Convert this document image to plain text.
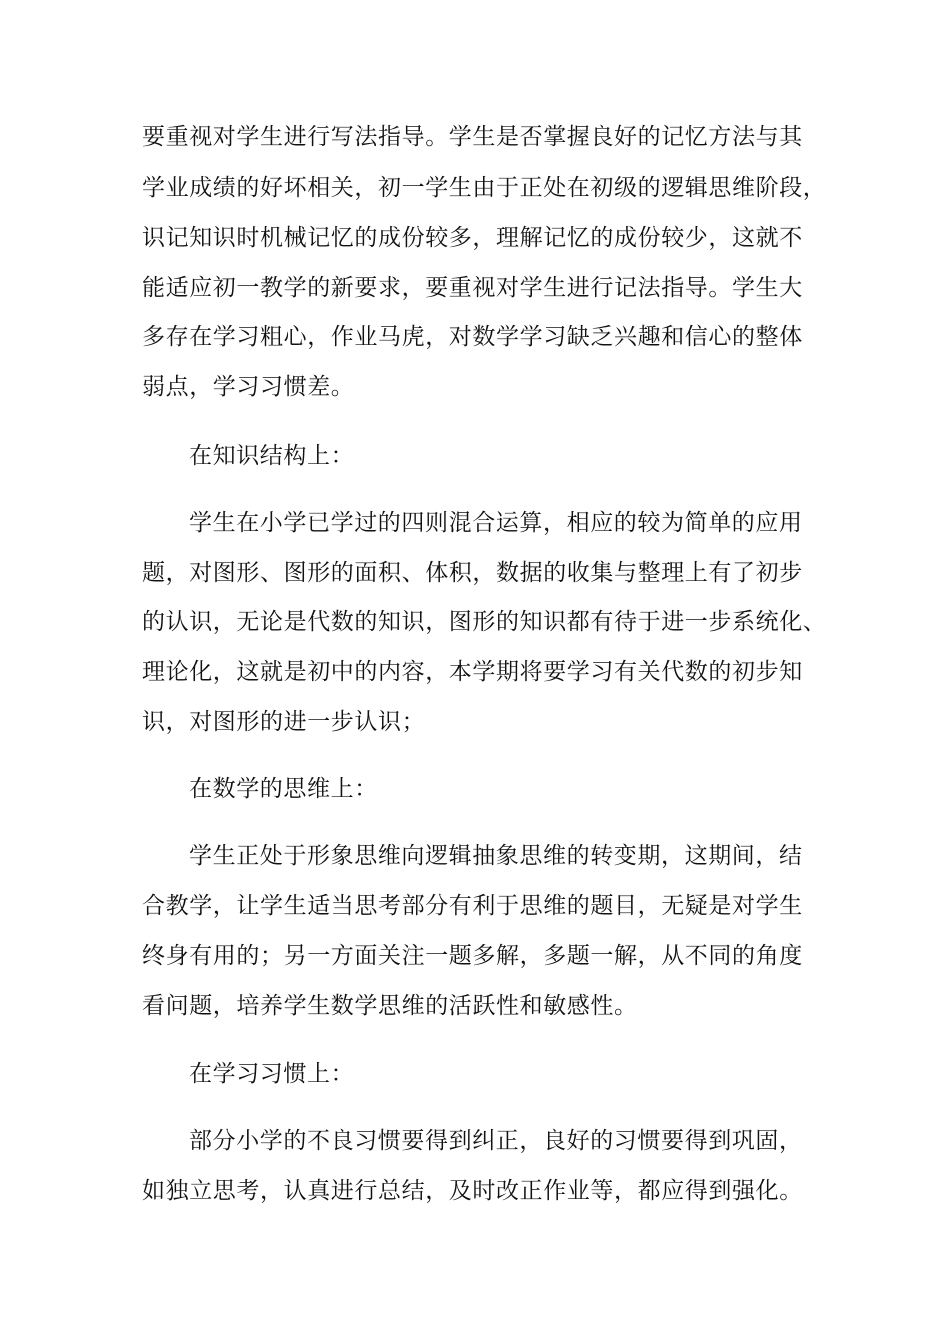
要重视对学生进行写法指导。学生是否掌握良好的记忆方法与其
学业成绩的好坏相关，初一学生由于正处在初级的逻辑思维阶段，
识记知识时机械记忆的成份较多，理解记忆的成份较少，这就不
能适应初一教学的新要求，要重视对学生进行记法指导。学生大
多存在学习粗心，作业马虎，对数学学习缺乏兴趣和信心的整体
弱点，学习习惯差。
在知识结构上：
学生在小学已学过的四则混合运算，相应的较为简单的应用
题，对图形、图形的面积、体积，数据的收集与整理上有了初步
的认识，无论是代数的知识，图形的知识都有待于进一步系统化、
理论化，这就是初中的内容，本学期将要学习有关代数的初步知
识，对图形的进一步认识；
在数学的思维上：
学生正处于形象思维向逻辑抽象思维的转变期，这期间，结
合教学，让学生适当思考部分有利于思维的题目，无疑是对学生
终身有用的；另一方面关注一题多解，多题一解，从不同的角度
看问题，培养学生数学思维的活跃性和敏感性。
在学习习惯上：
部分小学的不良习惯要得到纠正，良好的习惯要得到巩固，
如独立思考，认真进行总结，及时改正作业等，都应得到强化。
